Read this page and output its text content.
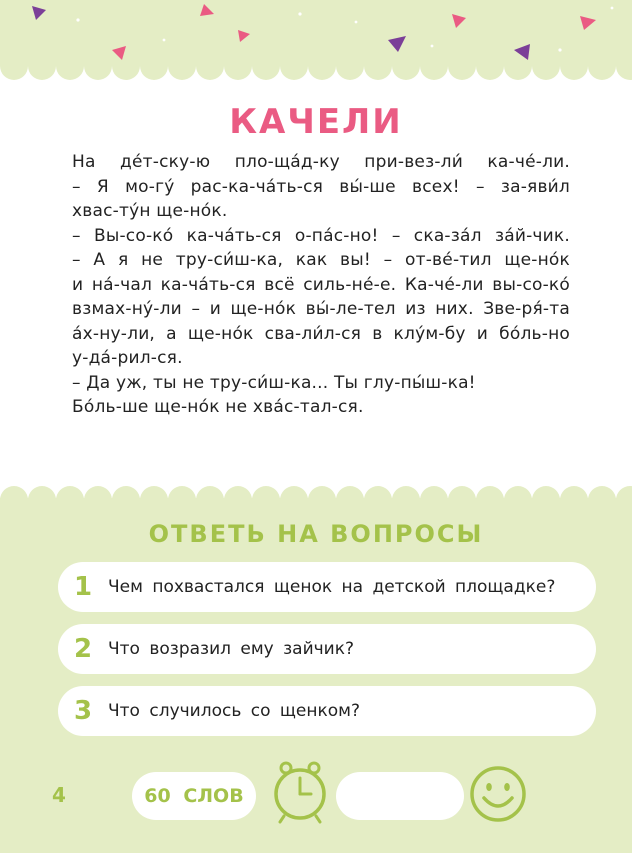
КАЧЕЛИ
На де́т-ску-ю пло-ща́д-ку при-вез-ли́ ка-че́-ли.
– Я мо-гу́ рас-ка-ча́ть-ся вы́-ше всех! – за-яви́л
хвас-ту́н ще-но́к.
– Вы-со-ко́ ка-ча́ть-ся о-па́с-но! – ска-за́л за́й-чик.
– А я не тру-си́ш-ка, как вы! – от-ве́-тил ще-но́к
и на́-чал ка-ча́ть-ся всё силь-не́-е. Ка-че́-ли вы-со-ко́
взмах-ну́-ли – и ще-но́к вы́-ле-тел из них. Зве-ря́-та
а́х-ну-ли, а ще-но́к сва-ли́л-ся в клу́м-бу и бо́ль-но
у-да́-рил-ся.
– Да уж, ты не тру-си́ш-ка... Ты глу-пы́ш-ка!
Бо́ль-ше ще-но́к не хва́с-тал-ся.
ОТВЕТЬ НА ВОПРОСЫ
1 Чем похвастался щенок на детской площадке?
2 Что возразил ему зайчик?
3 Что случилось со щенком?
4	60 СЛОВ
